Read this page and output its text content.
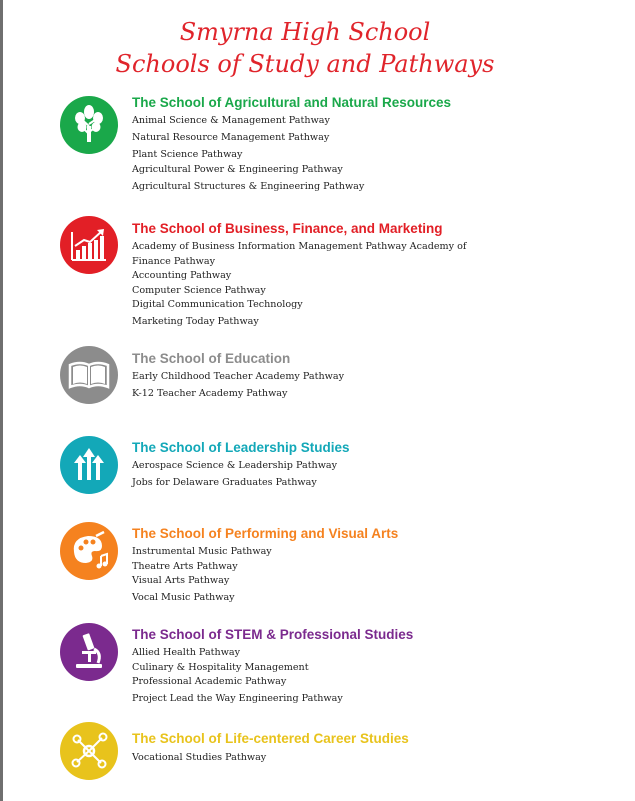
Smyrna High School
Schools of Study and Pathways
The School of Agricultural and Natural Resources
Animal Science & Management Pathway
Natural Resource Management Pathway
Plant Science Pathway
Agricultural Power & Engineering Pathway
Agricultural Structures & Engineering Pathway
The School of Business, Finance, and Marketing
Academy of Business Information Management Pathway Academy of
Finance Pathway
Accounting Pathway
Computer Science Pathway
Digital Communication Technology
Marketing Today Pathway
The School of Education
Early Childhood Teacher Academy Pathway
K-12 Teacher Academy Pathway
The School of Leadership Studies
Aerospace Science & Leadership Pathway
Jobs for Delaware Graduates Pathway
The School of Performing and Visual Arts
Instrumental Music Pathway
Theatre Arts Pathway
Visual Arts Pathway
Vocal Music Pathway
The School of STEM & Professional Studies
Allied Health Pathway
Culinary & Hospitality Management
Professional Academic Pathway
Project Lead the Way Engineering Pathway
The School of Life-centered Career Studies
Vocational Studies Pathway
